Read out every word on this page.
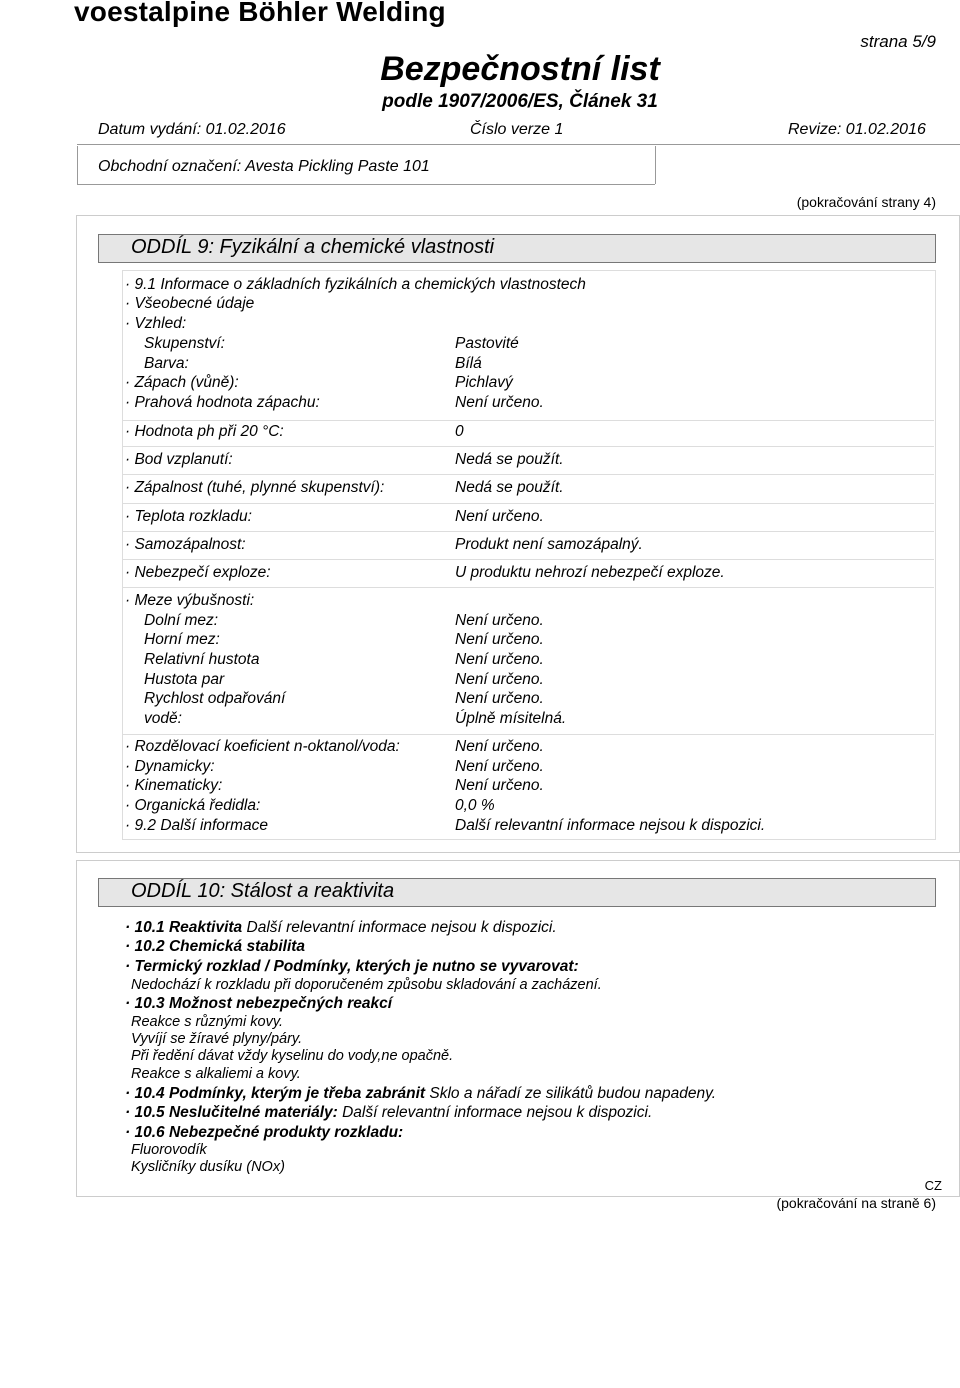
voestalpine Böhler Welding
strana 5/9
Bezpečnostní list
podle 1907/2006/ES, Článek 31
Datum vydání: 01.02.2016	Číslo verze 1	Revize: 01.02.2016
Obchodní označení: Avesta Pickling Paste 101
(pokračování strany 4)
ODDÍL 9: Fyzikální a chemické vlastnosti
· 9.1 Informace o základních fyzikálních a chemických vlastnostech
· Všeobecné údaje
· Vzhled:
Skupenství:	Pastovité
Barva:	Bílá
· Zápach (vůně):	Pichlavý
· Prahová hodnota zápachu:	Není určeno.
· Hodnota ph při 20 °C:	0
· Bod vzplanutí:	Nedá se použít.
· Zápalnost (tuhé, plynné skupenství):	Nedá se použít.
· Teplota rozkladu:	Není určeno.
· Samozápalnost:	Produkt není samozápalný.
· Nebezpečí exploze:	U produktu nehrozí nebezpečí exploze.
· Meze výbušnosti:
Dolní mez:	Není určeno.
Horní mez:	Není určeno.
Relativní hustota	Není určeno.
Hustota par	Není určeno.
Rychlost odpařování	Není určeno.
vodě:	Úplně mísitelná.
· Rozdělovací koeficient n-oktanol/voda:	Není určeno.
· Dynamicky:	Není určeno.
· Kinematicky:	Není určeno.
· Organická ředidla:	0,0 %
· 9.2 Další informace	Další relevantní informace nejsou k dispozici.
ODDÍL 10: Stálost a reaktivita
· 10.1 Reaktivita Další relevantní informace nejsou k dispozici.
· 10.2 Chemická stabilita
· Termický rozklad / Podmínky, kterých je nutno se vyvarovat:
Nedochází k rozkladu při doporučeném způsobu skladování a zacházení.
· 10.3 Možnost nebezpečných reakcí
Reakce s různými kovy.
Vyvíjí se žíravé plyny/páry.
Při ředění dávat vždy kyselinu do vody,ne opačně.
Reakce s alkaliemi a kovy.
· 10.4 Podmínky, kterým je třeba zabránit Sklo a nářadí ze silikátů budou napadeny.
· 10.5 Neslučitelné materiály: Další relevantní informace nejsou k dispozici.
· 10.6 Nebezpečné produkty rozkladu:
Fluorovodík
Kysličníky dusíku (NOx)
CZ
(pokračování na straně 6)
